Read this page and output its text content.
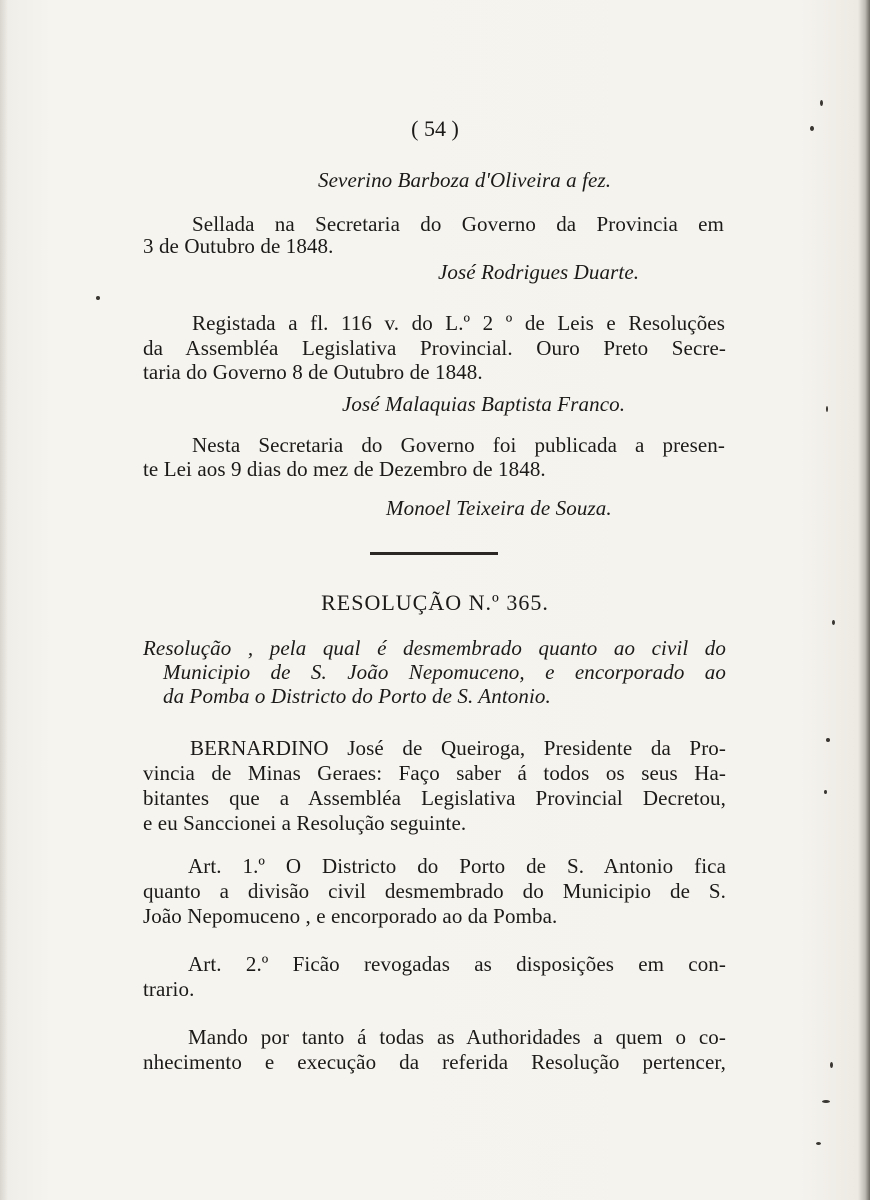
( 54 )
Severino Barboza d'Oliveira a fez.
Sellada na Secretaria do Governo da Provincia em
3 de Outubro de 1848.
José Rodrigues Duarte.
Registada a fl. 116 v. do L.º 2 º de Leis e Resoluções
da Assembléa Legislativa Provincial. Ouro Preto Secre-
taria do Governo 8 de Outubro de 1848.
José Malaquias Baptista Franco.
Nesta Secretaria do Governo foi publicada a presen-
te Lei aos 9 dias do mez de Dezembro de 1848.
Monoel Teixeira de Souza.
RESOLUÇÃO N.º 365.
Resolução , pela qual é desmembrado quanto ao civil do
Municipio de S. João Nepomuceno, e encorporado ao
da Pomba o Districto do Porto de S. Antonio.
BERNARDINO José de Queiroga, Presidente da Pro-
vincia de Minas Geraes: Faço saber á todos os seus Ha-
bitantes que a Assembléa Legislativa Provincial Decretou,
e eu Sanccionei a Resolução seguinte.
Art. 1.º O Districto do Porto de S. Antonio fica
quanto a divisão civil desmembrado do Municipio de S.
João Nepomuceno , e encorporado ao da Pomba.
Art. 2.º Ficão revogadas as disposições em con-
trario.
Mando por tanto á todas as Authoridades a quem o co-
nhecimento e execução da referida Resolução pertencer,
